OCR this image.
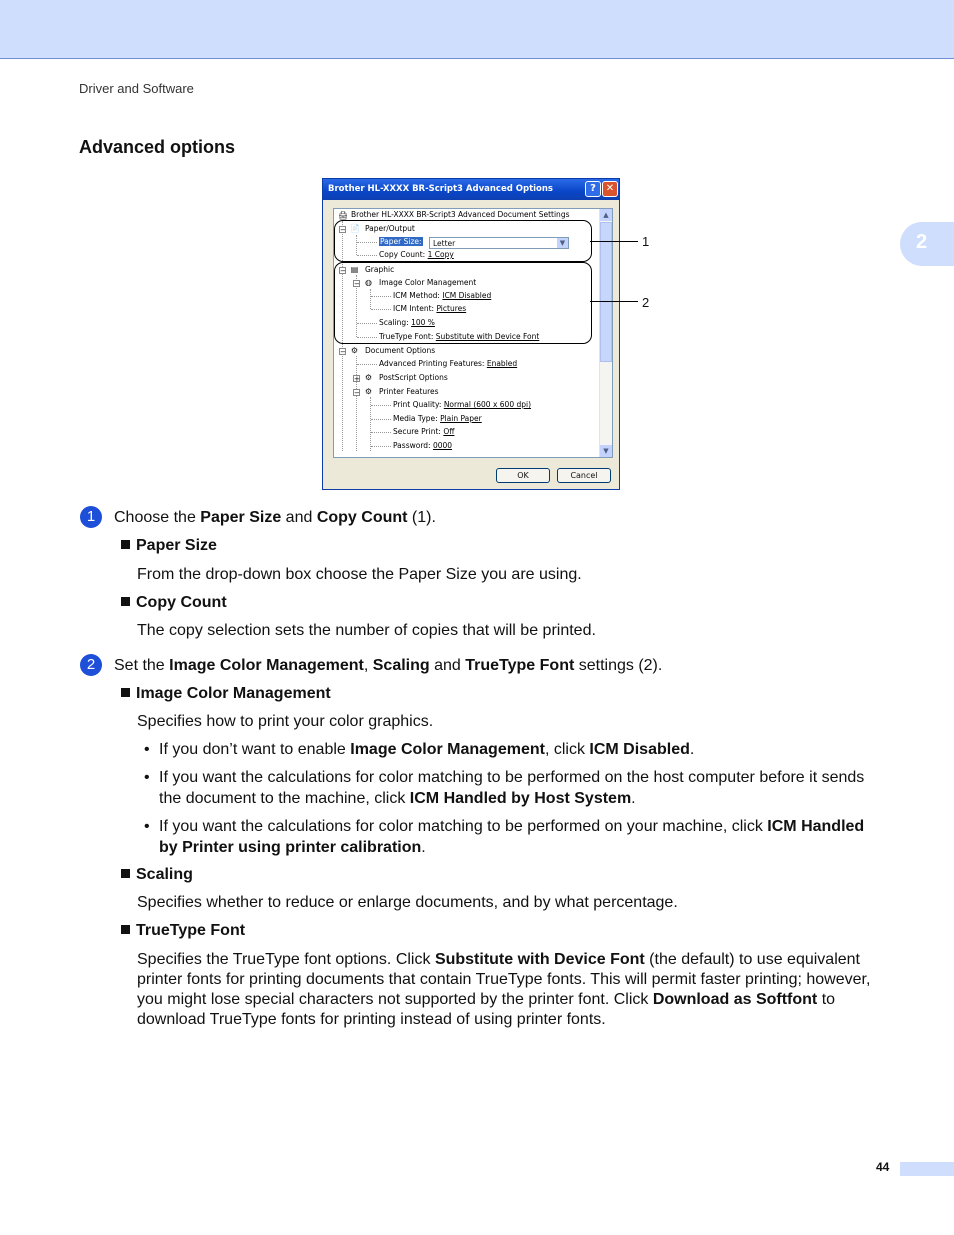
Driver and Software
2
Advanced options
Brother HL-XXXX BR-Script3 Advanced Options	? ✕
🖨 Brother HL-XXXX BR-Script3 Advanced Document Settings
− 📄 Paper/Output
Paper Size:	Letter	▼
Copy Count: 1 Copy
− ▤ Graphic
− ◍ Image Color Management
ICM Method: ICM Disabled
ICM Intent: Pictures
Scaling: 100 %
TrueType Font: Substitute with Device Font
− ⚙ Document Options
Advanced Printing Features: Enabled
+ ⚙ PostScript Options
− ⚙ Printer Features
Print Quality: Normal (600 x 600 dpi)
Media Type: Plain Paper
Secure Print: Off
Password: 0000
▲
▼
OK	Cancel
1
2
1	Choose the Paper Size and Copy Count (1).
Paper Size
From the drop-down box choose the Paper Size you are using.
Copy Count
The copy selection sets the number of copies that will be printed.
2	Set the Image Color Management, Scaling and TrueType Font settings (2).
Image Color Management
Specifies how to print your color graphics.
• If you don’t want to enable Image Color Management, click ICM Disabled.
• If you want the calculations for color matching to be performed on the host computer before it sends the document to the machine, click ICM Handled by Host System.
• If you want the calculations for color matching to be performed on your machine, click ICM Handled by Printer using printer calibration.
Scaling
Specifies whether to reduce or enlarge documents, and by what percentage.
TrueType Font
Specifies the TrueType font options. Click Substitute with Device Font (the default) to use equivalent printer fonts for printing documents that contain TrueType fonts. This will permit faster printing; however, you might lose special characters not supported by the printer font. Click Download as Softfont to download TrueType fonts for printing instead of using printer fonts.
44
